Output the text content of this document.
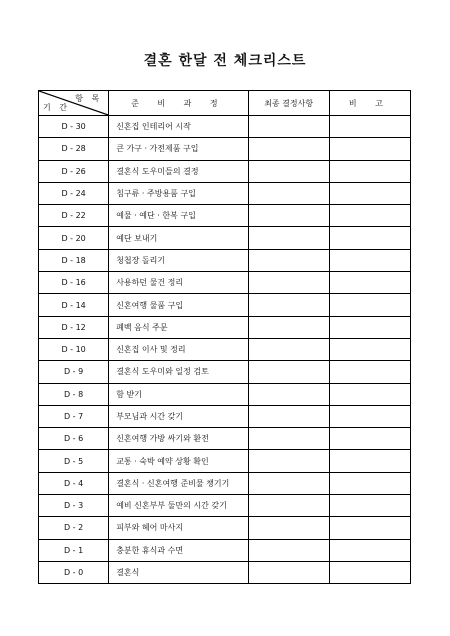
결혼 한달 전 체크리스트
항 목
기 간	준 비 과 정	최종 결정사항	비 고
D - 30	신혼집 인테리어 시작		
D - 28	큰 가구 · 가전제품 구입		
D - 26	결혼식 도우미들의 결정		
D - 24	침구류 · 주방용품 구입		
D - 22	예물 · 예단 · 한복 구입		
D - 20	예단 보내기		
D - 18	청첩장 돌리기		
D - 16	사용하던 물건 정리		
D - 14	신혼여행 물품 구입		
D - 12	폐백 음식 주문		
D - 10	신혼집 이사 및 정리		
D - 9	결혼식 도우미와 일정 검토		
D - 8	함 받기		
D - 7	부모님과 시간 갖기		
D - 6	신혼여행 가방 싸기와 환전		
D - 5	교통 · 숙박 예약 상황 확인		
D - 4	결혼식 · 신혼여행 준비물 챙기기		
D - 3	예비 신혼부부 둘만의 시간 갖기		
D - 2	피부와 헤어 마사지		
D - 1	충분한 휴식과 수면		
D - 0	결혼식		
